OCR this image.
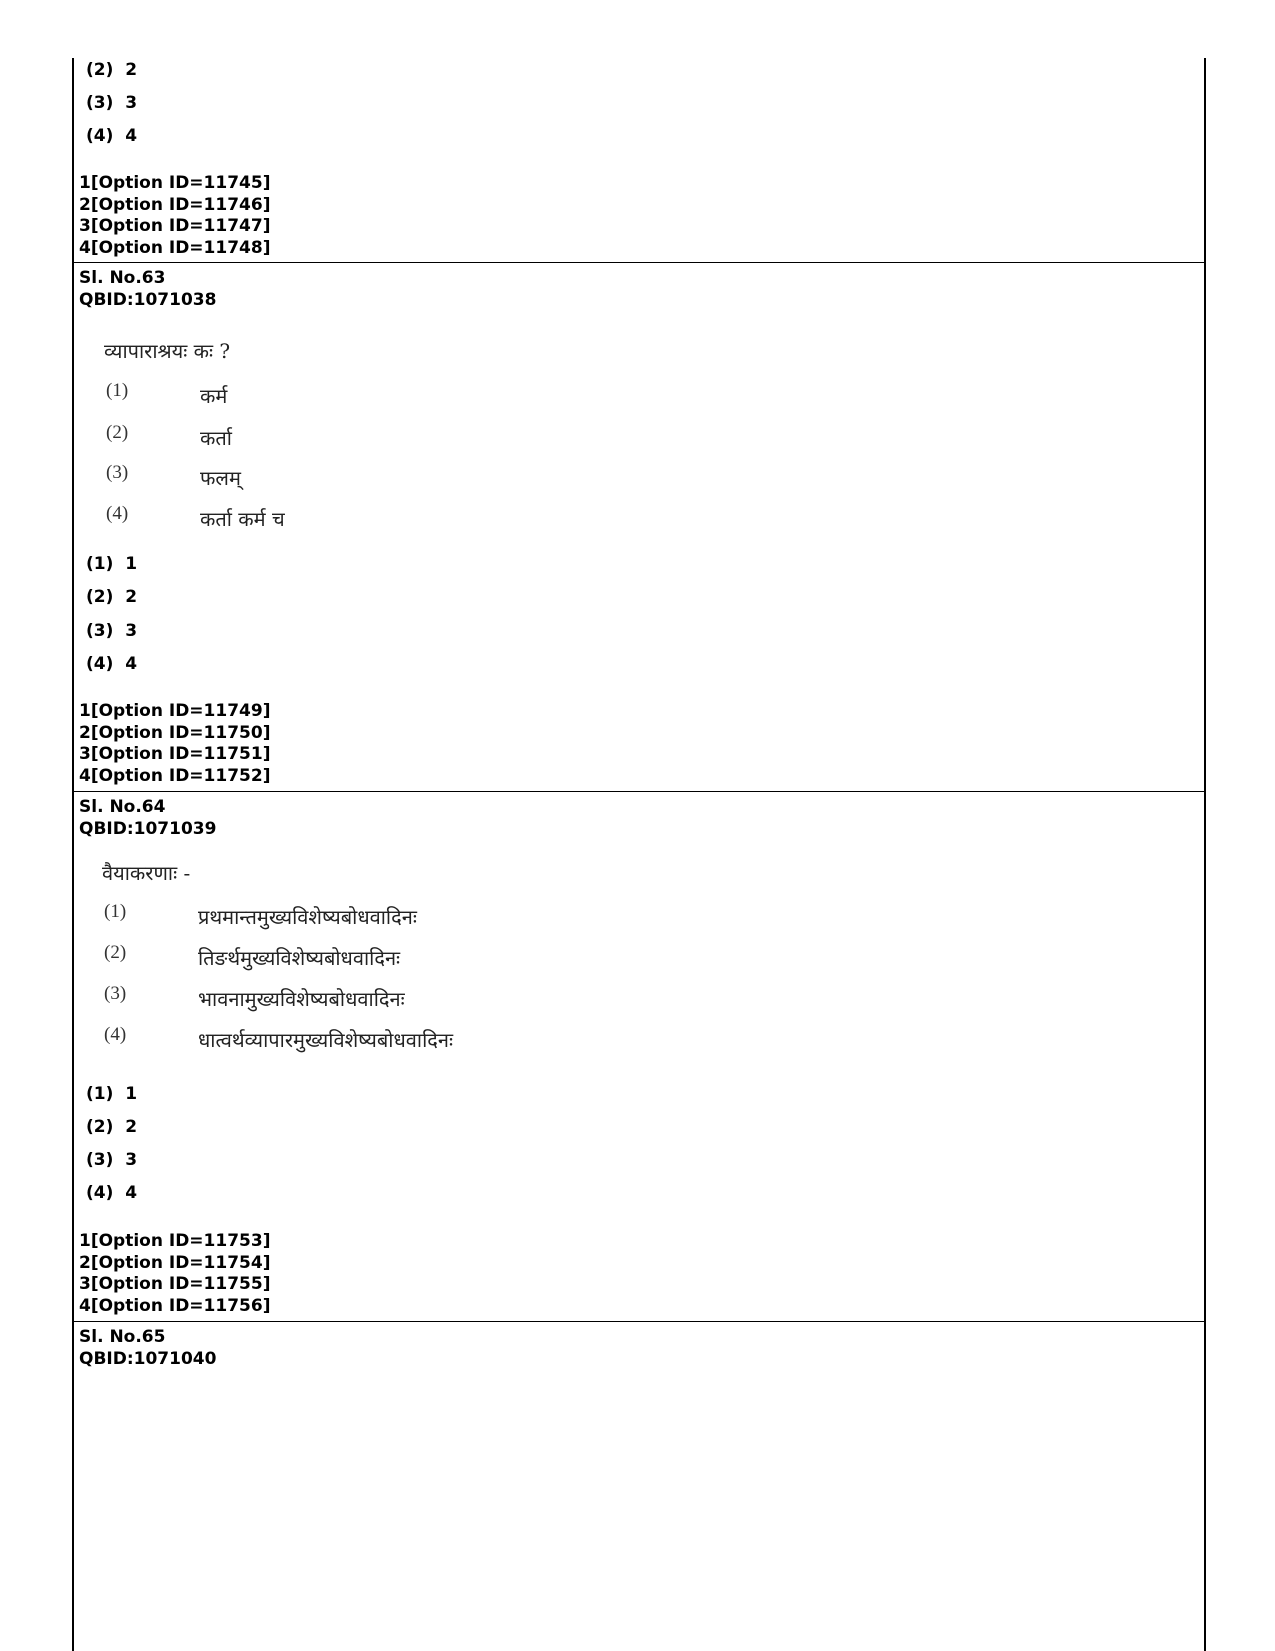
(2) 2
(3) 3
(4) 4
1[Option ID=11745]
2[Option ID=11746]
3[Option ID=11747]
4[Option ID=11748]
Sl. No.63
QBID:1071038
व्यापाराश्रयः कः ?
(1)	कर्म
(2)	कर्ता
(3)	फलम्
(4)	कर्ता कर्म च
(1) 1
(2) 2
(3) 3
(4) 4
1[Option ID=11749]
2[Option ID=11750]
3[Option ID=11751]
4[Option ID=11752]
Sl. No.64
QBID:1071039
वैयाकरणाः -
(1)	प्रथमान्तमुख्यविशेष्यबोधवादिनः
(2)	तिङर्थमुख्यविशेष्यबोधवादिनः
(3)	भावनामुख्यविशेष्यबोधवादिनः
(4)	धात्वर्थव्यापारमुख्यविशेष्यबोधवादिनः
(1) 1
(2) 2
(3) 3
(4) 4
1[Option ID=11753]
2[Option ID=11754]
3[Option ID=11755]
4[Option ID=11756]
Sl. No.65
QBID:1071040
